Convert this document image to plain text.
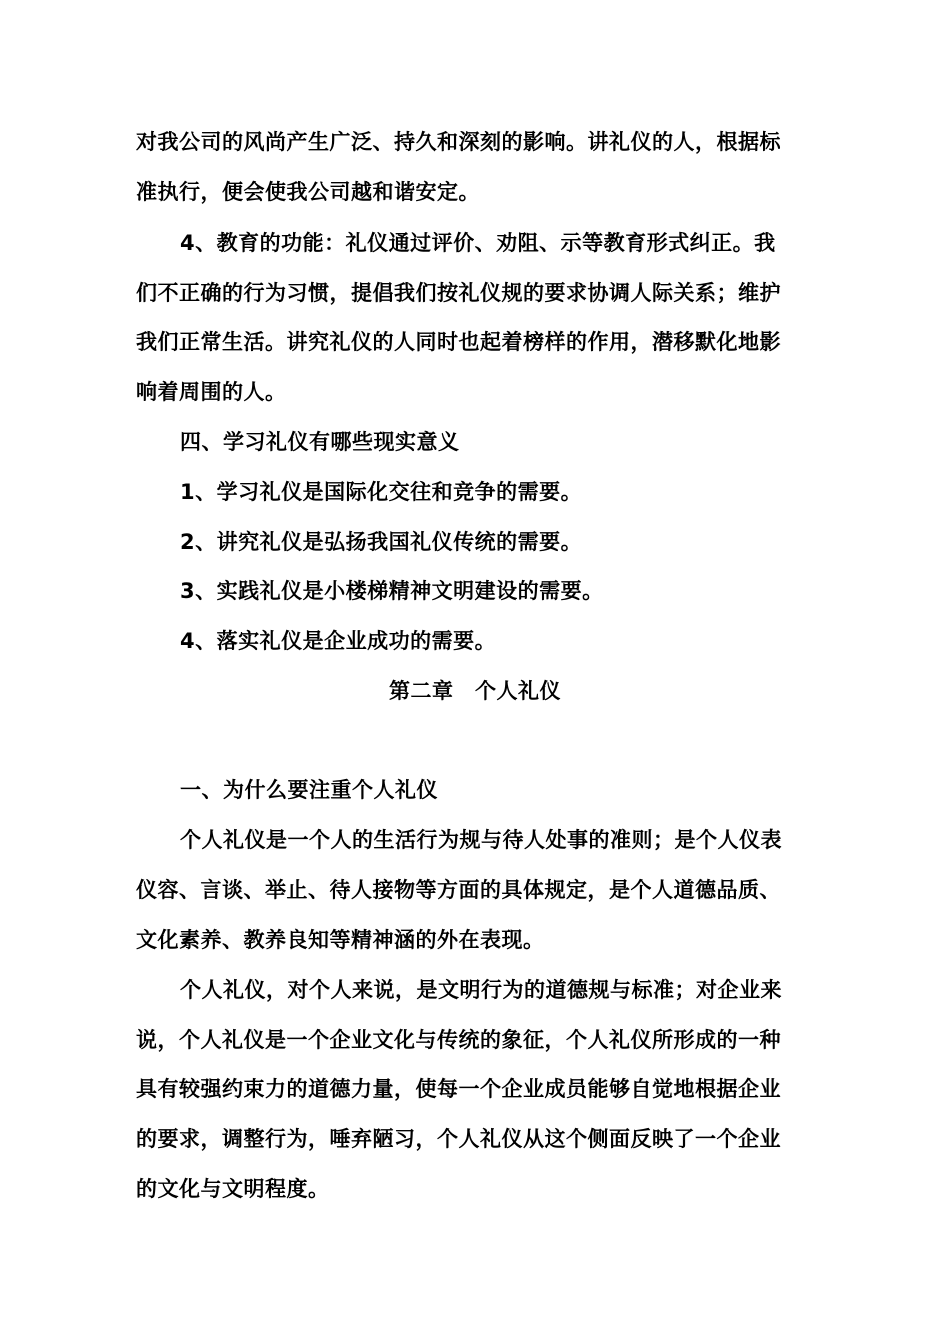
对我公司的风尚产生广泛、持久和深刻的影响。讲礼仪的人，根据标
准执行，便会使我公司越和谐安定。
4、教育的功能：礼仪通过评价、劝阻、示等教育形式纠正。我
们不正确的行为习惯，提倡我们按礼仪规的要求协调人际关系；维护
我们正常生活。讲究礼仪的人同时也起着榜样的作用，潜移默化地影
响着周围的人。
四、学习礼仪有哪些现实意义
1、学习礼仪是国际化交往和竞争的需要。
2、讲究礼仪是弘扬我国礼仪传统的需要。
3、实践礼仪是小楼梯精神文明建设的需要。
4、落实礼仪是企业成功的需要。
第二章　个人礼仪
一、为什么要注重个人礼仪
个人礼仪是一个人的生活行为规与待人处事的准则；是个人仪表
仪容、言谈、举止、待人接物等方面的具体规定，是个人道德品质、
文化素养、教养良知等精神涵的外在表现。
个人礼仪，对个人来说，是文明行为的道德规与标准；对企业来
说，个人礼仪是一个企业文化与传统的象征，个人礼仪所形成的一种
具有较强约束力的道德力量，使每一个企业成员能够自觉地根据企业
的要求，调整行为，唾弃陋习，个人礼仪从这个侧面反映了一个企业
的文化与文明程度。
